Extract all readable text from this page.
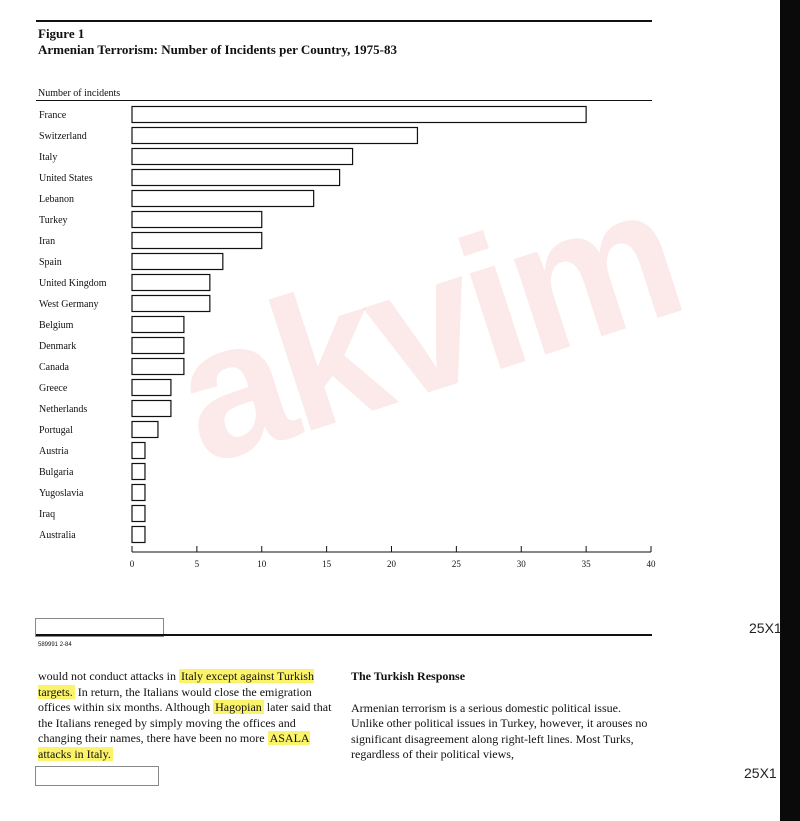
akvim
Figure 1
Armenian Terrorism: Number of Incidents per Country, 1975-83
Number of incidents
France
Switzerland
Italy
United States
Lebanon
Turkey
Iran
Spain
United Kingdom
West Germany
Belgium
Denmark
Canada
Greece
Netherlands
Portugal
Austria
Bulgaria
Yugoslavia
Iraq
Australia
0	5	10	15	20	25	30	35	40
589991 2-84
would not conduct attacks in Italy except against Turkish targets. In return, the Italians would close the emigration offices within six months. Although Hagopian later said that the Italians reneged by simply moving the offices and changing their names, there have been no more ASALA attacks in Italy.
The Turkish Response
Armenian terrorism is a serious domestic political issue. Unlike other political issues in Turkey, however, it arouses no significant disagreement along right-left lines. Most Turks, regardless of their political views,
25X1
25X1
